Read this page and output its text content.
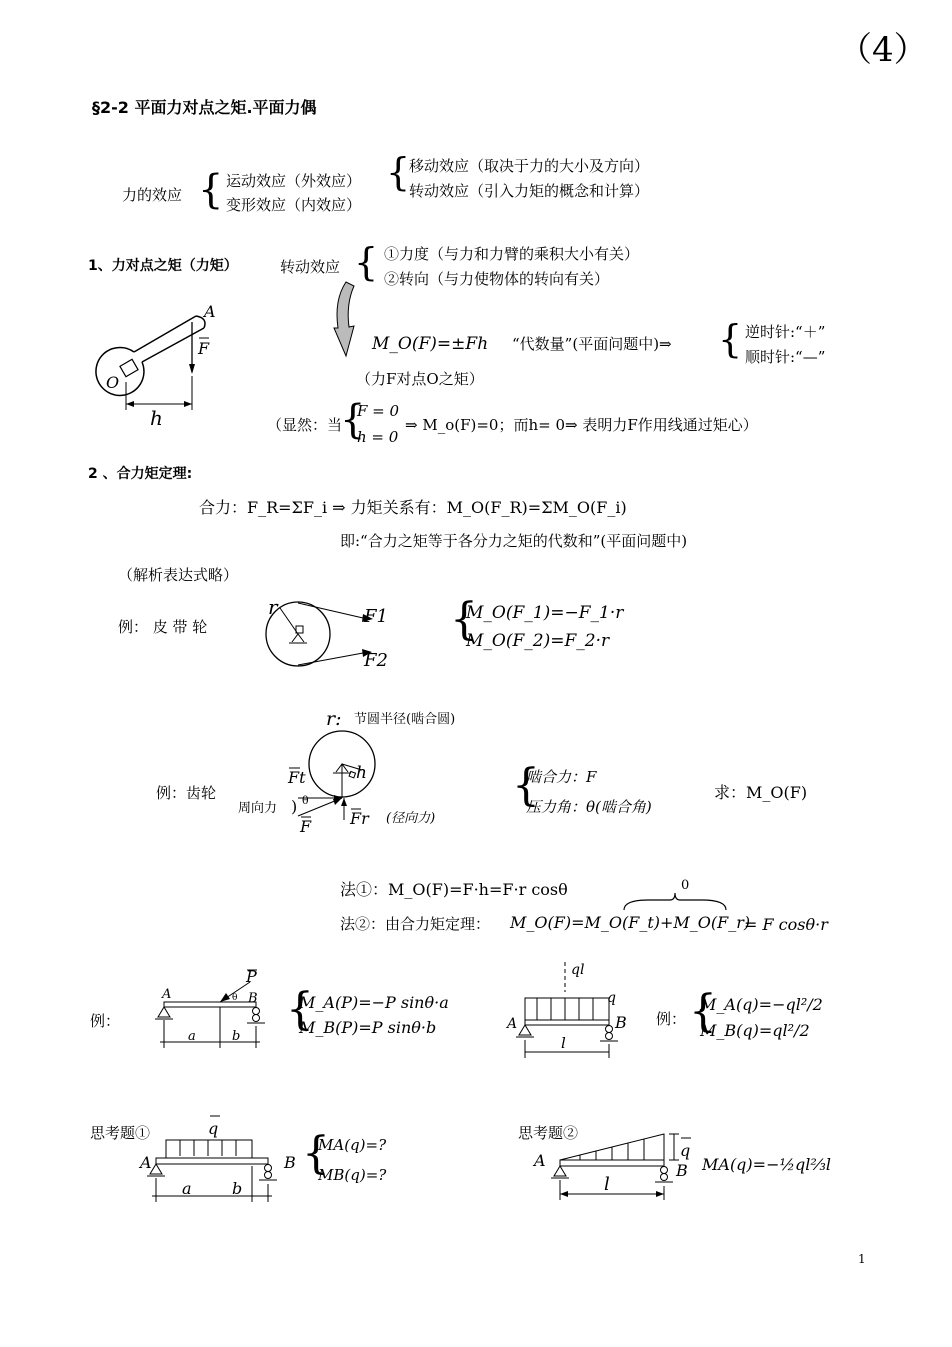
（4）
§2-2 平面力对点之矩.平面力偶
力的效应 { 运动效应（外效应）
变形效应（内效应）
{
移动效应（取决于力的大小及方向）
转动效应（引入力矩的概念和计算）
1、力对点之矩（力矩）	转动效应 { ①力度（与力和力臂的乘积大小有关）
②转向（与力使物体的转向有关）
A
F
O
h
M_O(F)=±Fh “代数量”(平面问题中)⇒ { 逆时针:“＋”
顺时针:“—”
（力F对点O之矩）
（显然：当
{
F = 0
h = 0
⇒ M_o(F)=0；而h= 0⇒ 表明力F作用线通过矩心）
2 、合力矩定理:
合力：F_R=ΣF_i ⇒ 力矩关系有：M_O(F_R)=ΣM_O(F_i)
即:“合力之矩等于各分力之矩的代数和”(平面问题中)
（解析表达式略）
例： 皮 带 轮
r	F1
F2
{
M_O(F_1)=−F_1·r
M_O(F_2)=F_2·r
r: 节圆半径(啮合圆)
例：齿轮
Ft
θ
周向力 )
F Fr (径向力)
h	{
啮合力：F
压力角：θ(啮合角)
求：M_O(F)
法①：M_O(F)=F·h=F·r cosθ
法②：由合力矩定理： M_O(F)=M_O(F_t)+M_O(F_r)
= F cosθ·r
0
例：
A	B
P
θ
a	b
{
M_A(P)=−P sinθ·a
M_B(P)=P sinθ·b
ql
q
A	B
l
例： {
M_A(q)=−ql²/2
M_B(q)=ql²/2
思考题①	q
A	B
a	b
{
MA(q)=?
MB(q)=?
思考题②
q
A
B
l
MA(q)=−½ql⅔l
1
